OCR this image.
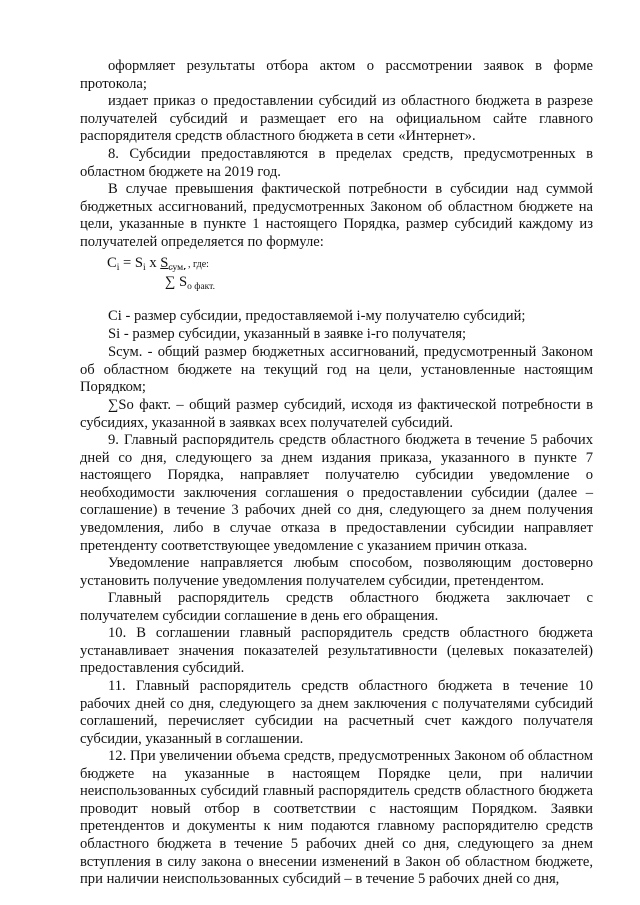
оформляет результаты отбора актом о рассмотрении заявок в форме протокола;

издает приказ о предоставлении субсидий из областного бюджета в разрезе получателей субсидий и размещает его на официальном сайте главного распорядителя средств областного бюджета в сети «Интернет».

8. Субсидии предоставляются в пределах средств, предусмотренных в областном бюджете на 2019 год.

В случае превышения фактической потребности в субсидии над суммой бюджетных ассигнований, предусмотренных Законом об областном бюджете на цели, указанные в пункте 1 настоящего Порядка, размер субсидий каждому из получателей определяется по формуле:

$C_i = S_i$ x $S_{сум.}$ , где:
∑ $S_{о факт.}$

Сi - размер субсидии, предоставляемой i-му получателю субсидий;

Si - размер субсидии, указанный в заявке i-го получателя;

Sсум. - общий размер бюджетных ассигнований, предусмотренный Законом об областном бюджете на текущий год на цели, установленные настоящим Порядком;

∑Sо факт. – общий размер субсидий, исходя из фактической потребности в субсидиях, указанной в заявках всех получателей субсидий.

9. Главный распорядитель средств областного бюджета в течение 5 рабочих дней со дня, следующего за днем издания приказа, указанного в пункте 7 настоящего Порядка, направляет получателю субсидии уведомление о необходимости заключения соглашения о предоставлении субсидии (далее – соглашение) в течение 3 рабочих дней со дня, следующего за днем получения уведомления, либо в случае отказа в предоставлении субсидии направляет претенденту соответствующее уведомление с указанием причин отказа.

Уведомление направляется любым способом, позволяющим достоверно установить получение уведомления получателем субсидии, претендентом.

Главный распорядитель средств областного бюджета заключает с получателем субсидии соглашение в день его обращения.

10. В соглашении главный распорядитель средств областного бюджета устанавливает значения показателей результативности (целевых показателей) предоставления субсидий.

11. Главный распорядитель средств областного бюджета в течение 10 рабочих дней со дня, следующего за днем заключения с получателями субсидий соглашений, перечисляет субсидии на расчетный счет каждого получателя субсидии, указанный в соглашении.

12. При увеличении объема средств, предусмотренных Законом об областном бюджете на указанные в настоящем Порядке цели, при наличии неиспользованных субсидий главный распорядитель средств областного бюджета проводит новый отбор в соответствии с настоящим Порядком. Заявки претендентов и документы к ним подаются главному распорядителю средств областного бюджета в течение 5 рабочих дней со дня, следующего за днем вступления в силу закона о внесении изменений в Закон об областном бюджете, при наличии неиспользованных субсидий – в течение 5 рабочих дней со дня,
